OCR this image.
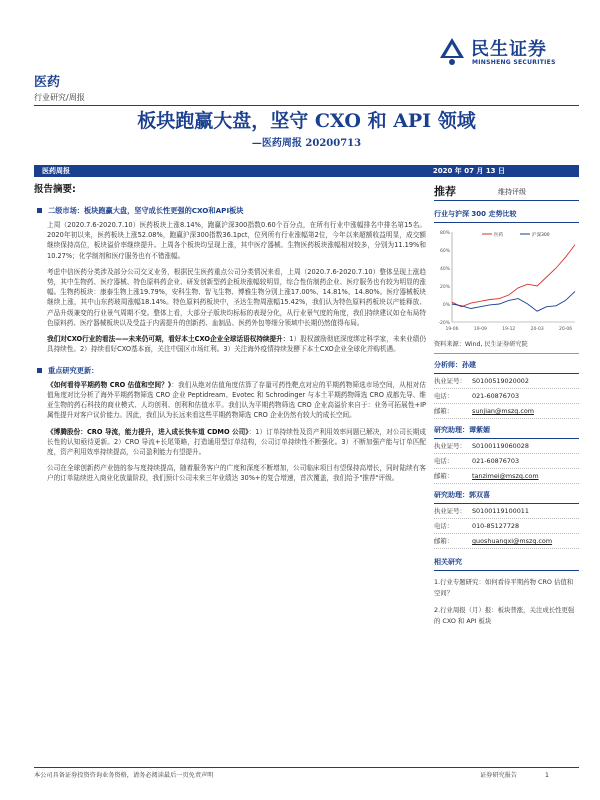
民生证券
MINSHENG SECURITIES
医药
行业研究/周报
板块跑赢大盘，坚守 CXO 和 API 领域
—医药周报 20200713
医药周报	2020 年 07 月 13 日
报告摘要:
二级市场：板块跑赢大盘，坚守成长性更强的CXO和API板块
上周（2020.7.6-2020.7.10）医药板块上涨8.14%，跑赢沪深300指数0.60个百分点，在所有行业中涨幅排名中排名第15名。2020年初以来，医药板块上涨52.08%，跑赢沪深300指数36.1pct，位列所有行业涨幅第2位，今年以来超额收益明显，成交额继续保持高位，板块溢价率继续提升。上周各个板块均呈现上涨，其中医疗器械、生物医药板块涨幅相对较多，分别为11.19%和10.27%；化学制剂和医疗服务也有不错涨幅。
考虑中信医药分类涉及部分公司交叉业务，根据民生医药重点公司分类情况来看，上周（2020.7.6-2020.7.10）整体呈现上涨趋势，其中生物药、医疗器械、特色原料药企业、研发创新型药企板块涨幅较明显，综合性仿制药企业、医疗服务也有较为明显的涨幅。生物药板块：康泰生物上涨19.79%，安科生物、智飞生物、博雅生物分别上涨17.00%、14.81%、14.80%。医疗器械板块继续上涨，其中山东药玻周涨幅18.14%。特色原料药板块中，圣达生物周涨幅15.42%，我们认为特色原料药板块以产能释放、产品升级兼变的行业景气周期不变。整体上看，大部分子版块均标标的表现分化，从行业景气度的角度，我们持续建议如仓布局特色原料药、医疗器械板块以及受益于内需提升的创新药、血制品、医药外包等细分领域中长期仍然值得布局。
我们对CXO行业的看法——未来仍可期，看好本土CXO企业全球话语权持续提升：1）股权激励彻底深度绑定科学家，未来业绩仍具持续性。2）持续看好CXO基本面，关注中国区市场红利。3）关注海外疫情持续发酵下本土CXO企业全球化并购机遇。
重点研究更新：
《如何看待平期药物 CRO 估值和空间？》：我们从绝对估值角度估算了存量可药性靶点对应的平期药物筛选市场空间，从相对估值角度对比分析了海外平期药物筛选 CRO 企业 Peptidream、Evotec 和 Schrodinger 与本土平期药物筛选 CRO 成都先导、维亚生物的药石科技的商业模式、人均创利、创利和估值水平。我们认为平期药物筛选 CRO 企业高溢价来自于：业务可拓展性+IP 属性提升对客户议价能力。因此，我们认为长远来看这些平期药物筛选 CRO 企业仍然有较大的成长空间。
《博腾股份：CRO 导流，能力提升，进入成长快车道 CDMO 公司》：1）订单持续性及资产利用效率问题已解决，对公司长期成长性的认知亟待更新。2）CRO 导流+长尾策略，打造通用型订单结构，公司订单持续性不断强化。3）不断加强产能与订单匹配度，资产利用效率持续提高，公司盈利能力有望提升。
公司在全球创新药产业链的参与度持续提高，随着服务客户的广度和深度不断增加，公司临床项目有望保持高增长，同时陆续有客户的订单陆续进入商业化放量阶段，我们预计公司未来三年业绩达 30%+的复合增速，首次覆盖，我们给予"推荐"评级。
推荐	维持评级
行业与沪深 300 走势比较
-20%
0%
20%
40%
60%
80%
19-06	19-09	19-12	20-03	20-06
医药	沪深300
资料来源：Wind, 民生证券研究院
分析师：孙建
执业证号： S0100519020002
电话：	021-60876703
邮箱：	sunjian@mszq.com
研究助理：谭紫媚
执业证号： S0100119060028
电话：	021-60876703
邮箱：	tanzimei@mszq.com
研究助理：郭双喜
执业证号： S0100119100011
电话：	010-85127728
邮箱：	guoshuangxi@mszq.com
相关研究
1.行业专题研究：如何看待平期药物 CRO 估值和空间？
2.行业周报（月）报：板块普涨，关注成长性更强的 CXO 和 API 板块
本公司具备证券投资咨询业务资格，请务必阅读最后一页免责声明	证券研究报告	1
